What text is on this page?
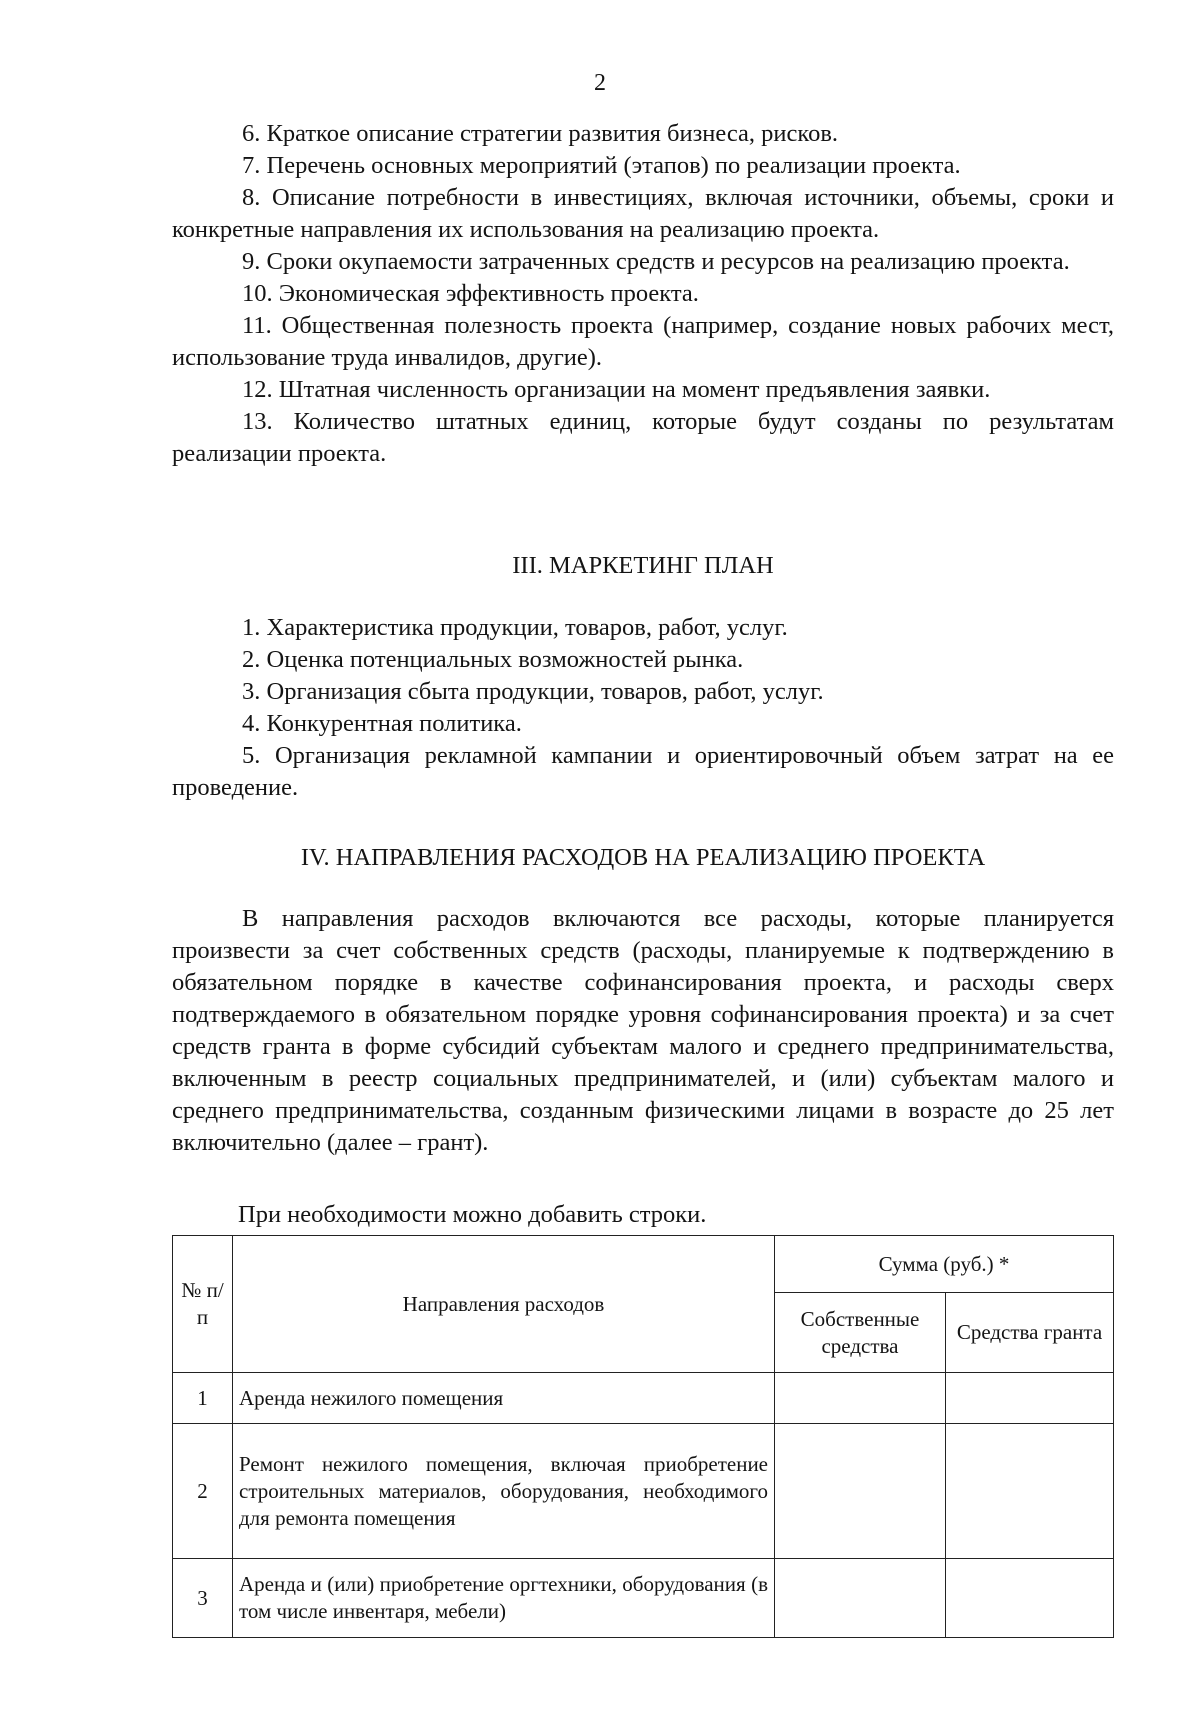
2
6. Краткое описание стратегии развития бизнеса, рисков.
7. Перечень основных мероприятий (этапов) по реализации проекта.
8. Описание потребности в инвестициях, включая источники, объемы, сроки и конкретные направления их использования на реализацию проекта.
9. Сроки окупаемости затраченных средств и ресурсов на реализацию проекта.
10. Экономическая эффективность проекта.
11. Общественная полезность проекта (например, создание новых рабочих мест, использование труда инвалидов, другие).
12. Штатная численность организации на момент предъявления заявки.
13. Количество штатных единиц, которые будут созданы по результатам реализации проекта.
III. МАРКЕТИНГ ПЛАН
1. Характеристика продукции, товаров, работ, услуг.
2. Оценка потенциальных возможностей рынка.
3. Организация сбыта продукции, товаров, работ, услуг.
4. Конкурентная политика.
5. Организация рекламной кампании и ориентировочный объем затрат на ее проведение.
IV. НАПРАВЛЕНИЯ РАСХОДОВ НА РЕАЛИЗАЦИЮ ПРОЕКТА
В направления расходов включаются все расходы, которые планируется произвести за счет собственных средств (расходы, планируемые к подтверждению в обязательном порядке в качестве софинансирования проекта, и расходы сверх подтверждаемого в обязательном порядке уровня софинансирования проекта) и за счет средств гранта в форме субсидий субъектам малого и среднего предпринимательства, включенным в реестр социальных предпринимателей, и (или) субъектам малого и среднего предпринимательства, созданным физическими лицами в возрасте до 25 лет включительно (далее – грант).
При необходимости можно добавить строки.
№ п/п	Направления расходов	Сумма (руб.) *	
		Собственные средства	Средства гранта
1	Аренда нежилого помещения		
2	Ремонт нежилого помещения, включая приобретение строительных материалов, оборудования, необходимого для ремонта помещения		
3	Аренда и (или) приобретение оргтехники, оборудования (в том числе инвентаря, мебели)		
